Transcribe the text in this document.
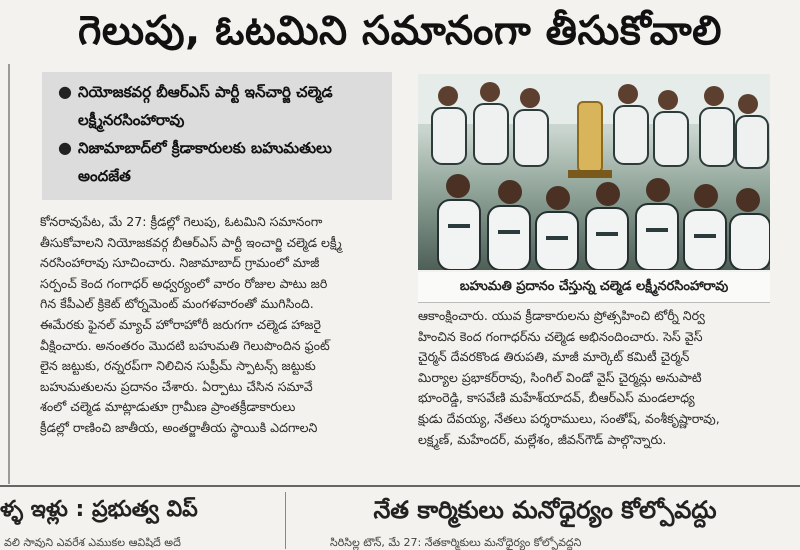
గెలుపు, ఓటమిని సమానంగా తీసుకోవాలి
● నియోజకవర్గ బీఆర్ఎస్ పార్టీ ఇన్‌చార్జి చల్మెడ లక్ష్మీనరసింహారావు
● నిజామాబాద్‌లో క్రీడాకారులకు బహుమతులు అందజేత
బహుమతి ప్రదానం చేస్తున్న చల్మెడ లక్ష్మీనరసింహారావు
కోనరావుపేట, మే 27: క్రీడల్లో గెలుపు, ఓటమిని సమానంగా
తీసుకోవాలని నియోజకవర్గ బీఆర్ఎస్ పార్టీ ఇంచార్జి చల్మెడ లక్ష్మీ
నరసింహారావు సూచించారు. నిజామాబాద్ గ్రామంలో మాజీ
సర్పంచ్ కెంద గంగాధర్ అధ్వర్యంలో వారం రోజుల పాటు జరి
గిన కేపీఎల్ క్రికెట్ టోర్నమెంట్ మంగళవారంతో ముగిసింది.
ఈమేరకు ఫైనల్ మ్యాచ్ హోరాహోరీ జరుగగా చల్మెడ హాజరై
వీక్షించారు. అనంతరం మొదటి బహుమతి గెలుపొందిన ఫ్రంట్
లైన జట్టుకు, రన్నరప్‌గా నిలిచిన సుప్రీమ్ స్పాటన్స్ జట్టుకు
బహుమతులను ప్రదానం చేశారు. ఏర్పాటు చేసిన సమావే
శంలో చల్మెడ మాట్లాడుతూ గ్రామీణ ప్రాంతక్రీడాకారులు
క్రీడల్లో రాణించి జాతీయ, అంతర్జాతీయ స్థాయికి ఎదగాలని
ఆకాంక్షించారు. యువ క్రీడాకారులను ప్రోత్సహించి టోర్నీ నిర్వ
హించిన కెంద గంగాధర్‌ను చల్మెడ అభినందించారు. సెస్ వైస్
చైర్మన్ దేవరకొండ తిరుపతి, మాజీ మార్కెట్ కమిటీ చైర్మన్
మిర్యాల ప్రభాకర్‌రావు, సింగిల్ విండో వైస్ చైర్మన్లు అనుపాటి
భూంరెడ్డి, కాసవేణి మహేశ్‌యాదవ్, బీఆర్ఎస్ మండలాధ్య
క్షుడు దేవయ్య, నేతలు పర్శరాములు, సంతోష్, వంశీకృష్ణారావు,
లక్ష్మణ్, మహేందర్, మల్లేశం, జీవన్‌గౌడ్ పాల్గొన్నారు.
ళ్ళ ఇళ్లు : ప్రభుత్వ విప్	నేత కార్మికులు మనోధైర్యం కోల్పోవద్దు
వలి సావుని ఎవరేశ ఎముకల ఆవిషిదే అదే	సిరిసిల్ల టౌన్, మే 27: నేతకార్మికులు మనోధైర్యం కోల్పోవద్దని
